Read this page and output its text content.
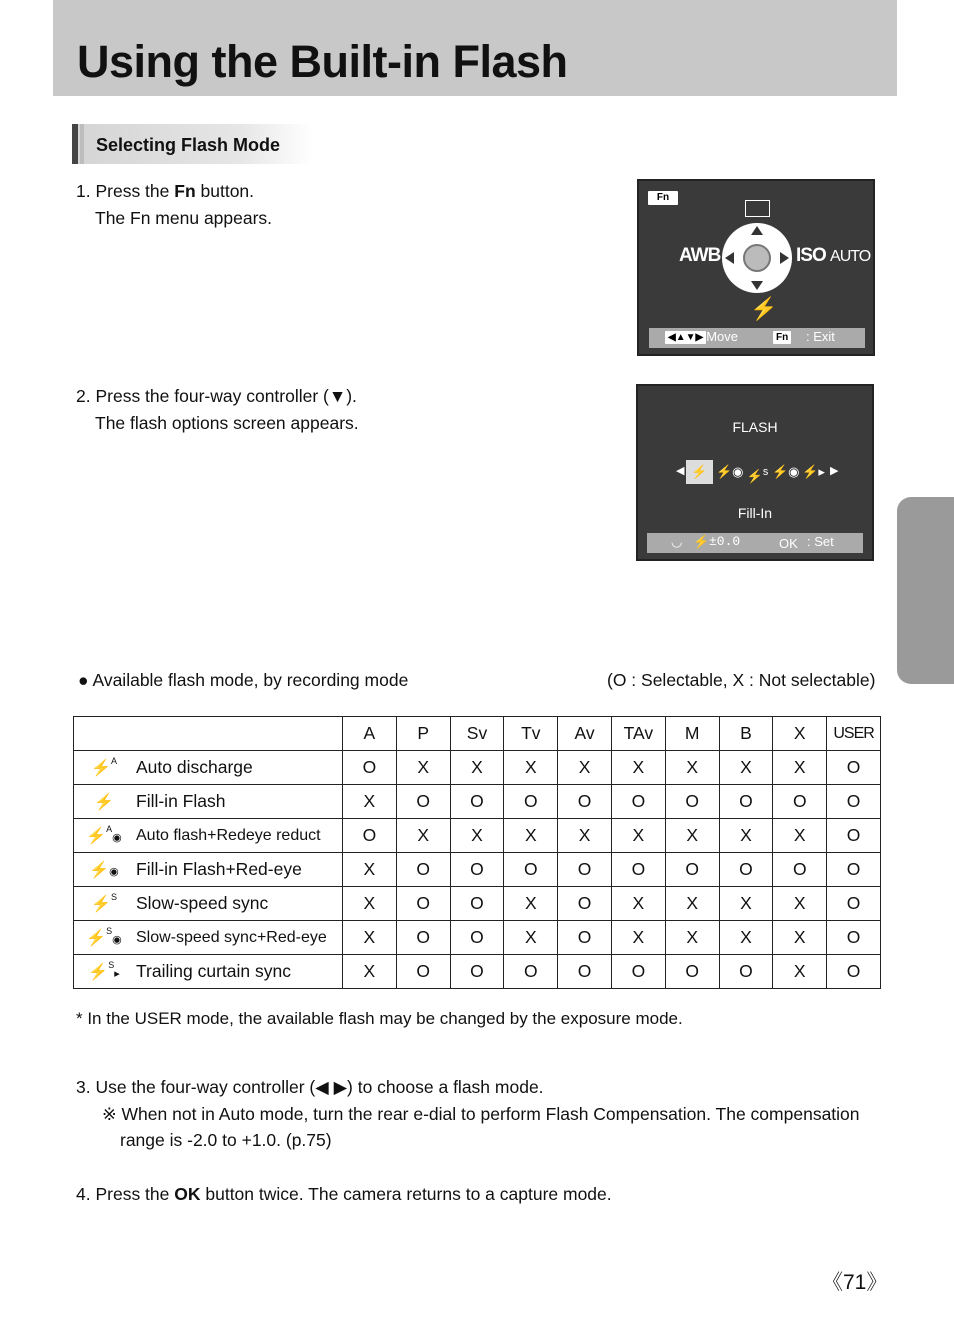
Using the Built-in Flash
Selecting Flash Mode
1. Press the Fn button.
The Fn menu appears.
Fn
AWB	ISO AUTO
⚡
◀▲▼▶
: Move	Fn : Exit
2. Press the four-way controller (▼).
The flash options screen appears.	FLASH
◀ ⚡ ⚡◉ ⚡$^s$ ⚡◉ ⚡▸ ▶
Fill-In
◡ ⚡ ±0.0	OK : Set
● Available flash mode, by recording mode	(O : Selectable, X : Not selectable)
		A	P	Sv	Tv	Av	TAv	M	B	X	USER
⚡$^A$	Auto discharge	O	X	X	X	X	X	X	X	X	O
⚡	Fill-in Flash	X	O	O	O	O	O	O	O	O	O
⚡$^A$◉	Auto flash+Redeye reduct	O	X	X	X	X	X	X	X	X	O
⚡◉	Fill-in Flash+Red-eye	X	O	O	O	O	O	O	O	O	O
⚡$^S$	Slow-speed sync	X	O	O	X	O	X	X	X	X	O
⚡$^S$◉	Slow-speed sync+Red-eye	X	O	O	X	O	X	X	X	X	O
⚡$^S$▸	Trailing curtain sync	X	O	O	O	O	O	O	O	X	O
* In the USER mode, the available flash may be changed by the exposure mode.
3. Use the four-way controller (◀ ▶) to choose a flash mode.
※ When not in Auto mode, turn the rear e-dial to perform Flash Compensation. The compensation
range is -2.0 to +1.0. (p.75)
4. Press the OK button twice. The camera returns to a capture mode.
《71》
